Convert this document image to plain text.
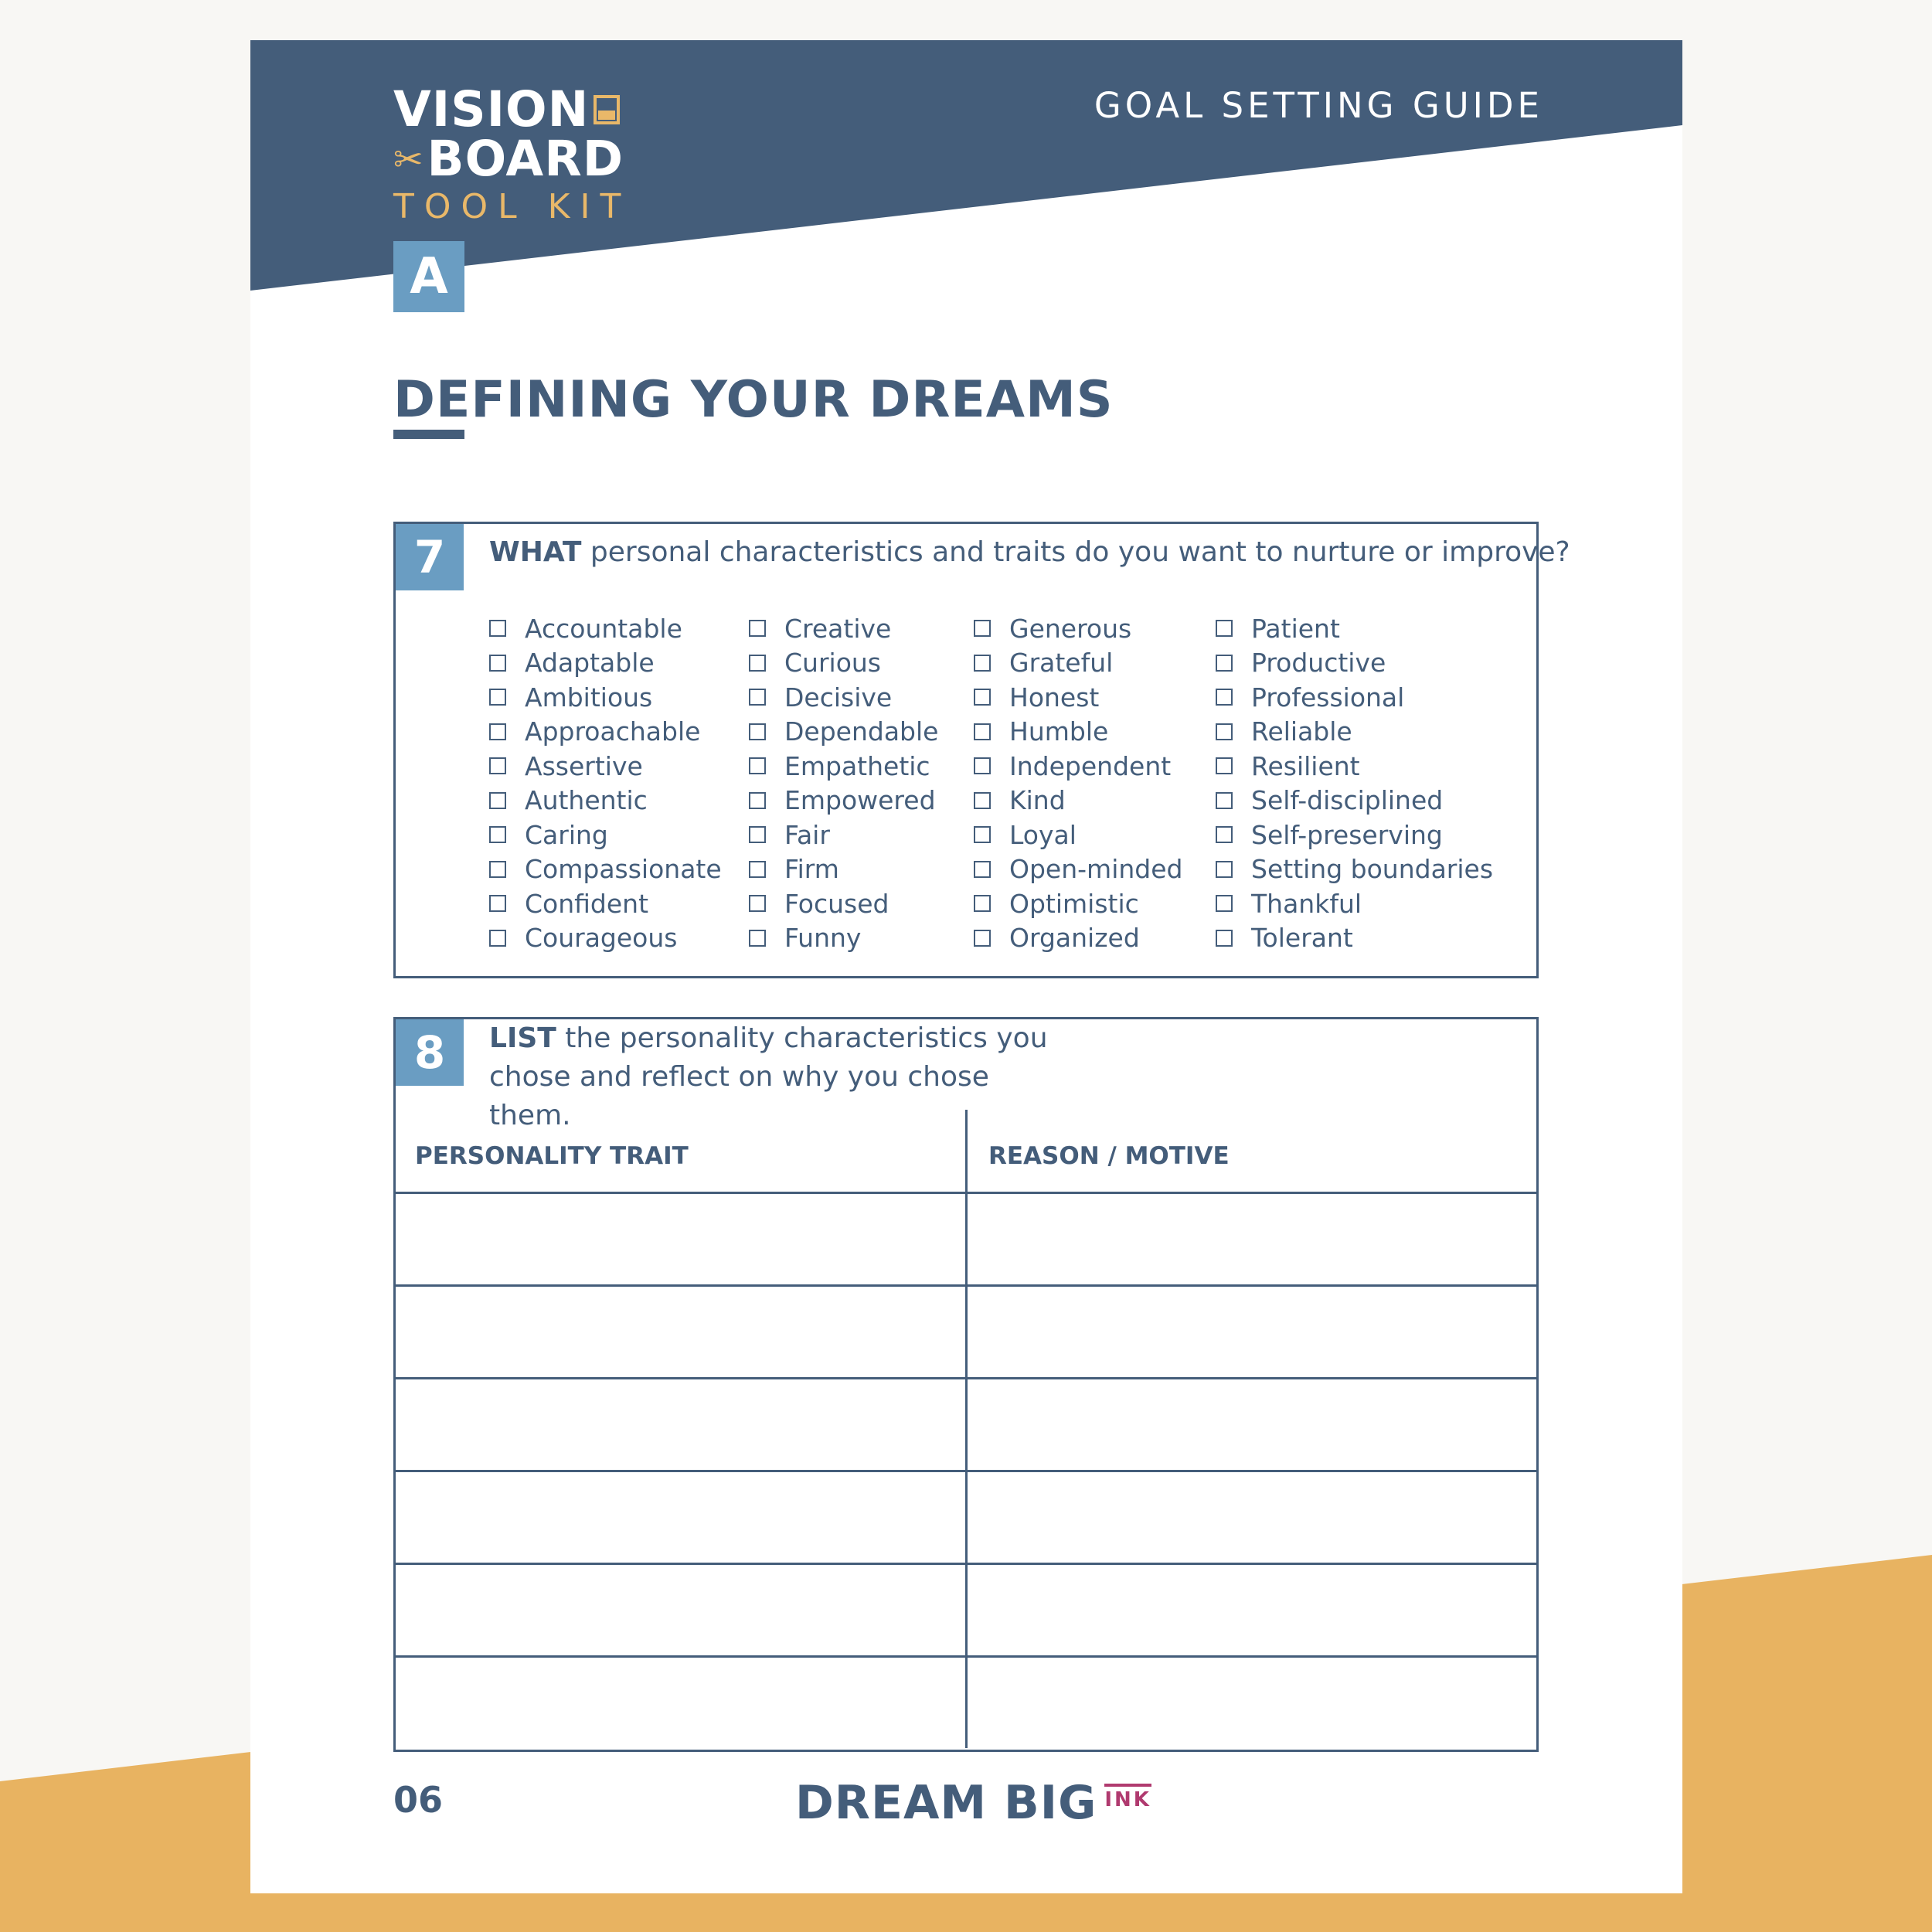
VISION
✂ BOARD
TOOL KIT
GOAL SETTING GUIDE
A
DEFINING YOUR DREAMS
7	WHAT personal characteristics and traits do you want to nurture or improve?
Accountable
Adaptable
Ambitious
Approachable
Assertive
Authentic
Caring
Compassionate
Confident
Courageous
Creative
Curious
Decisive
Dependable
Empathetic
Empowered
Fair
Firm
Focused
Funny
Generous
Grateful
Honest
Humble
Independent
Kind
Loyal
Open-minded
Optimistic
Organized
Patient
Productive
Professional
Reliable
Resilient
Self-disciplined
Self-preserving
Setting boundaries
Thankful
Tolerant
8	LIST the personality characteristics you chose and reflect on why you chose them.
PERSONALITY TRAIT	REASON / MOTIVE
06	DREAM BIG INK
